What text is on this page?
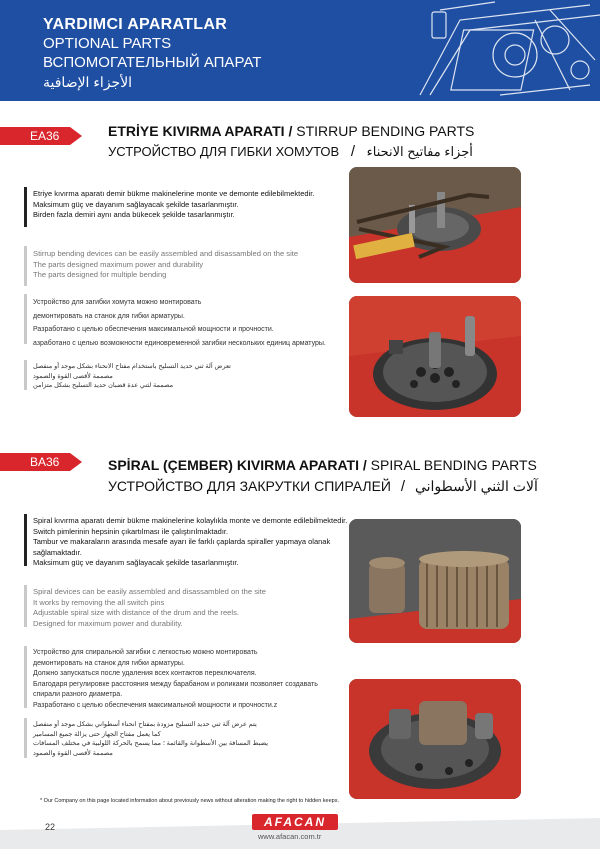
YARDIMCI APARATLAR
OPTIONAL PARTS
ВСПОМОГАТЕЛЬНЫЙ АПАРАТ
الأجزاء الإضافية
EA36	ETRİYE KIVIRMA APARATI / STIRRUP BENDING PARTS
УСТРОЙСТВО ДЛЯ ГИБКИ ХОМУТОВ / أجزاء مفاتيح الانحناء
Etriye kıvırma aparatı demir bükme makinelerine monte ve demonte edilebilmektedir.
Maksimum güç ve dayanım sağlayacak şekilde tasarlanmıştır.
Birden fazla demiri aynı anda bükecek şekilde tasarlanmıştır.
Stirrup bending devices can be easily assembled and disassambled on the site
The parts designed maximum power and durability
The parts designed for multiple bending
Устройство для загибки хомута можно монтировать
демонтировать на станок для гибки арматуры.
Разработано с целью обеспечения максимальной мощности и прочности.
азработано с целью возможности единовременной загибки нескольких единиц арматуры.
تعرض آلة ثني حديد التسليح باستخدام مفتاح الانحناء بشكل موجد أو منفصل
مصممة لأقصى القوة والصمود
مصممة لثني عدة قضبان حديد التسليح بشكل متزامن
BA36	SPİRAL (ÇEMBER) KIVIRMA APARATI / SPIRAL BENDING PARTS
УСТРОЙСТВО ДЛЯ ЗАКРУТКИ СПИРАЛЕЙ / آلات الثني الأسطواني
Spiral kıvırma aparatı demir bükme makinelerine kolaylıkla monte ve demonte edilebilmektedir.
Switch pimlerinin hepsinin çıkartılması ile çalıştırılmaktadır.
Tambur ve makaraların arasında mesafe ayarı ile farklı çaplarda spiraller yapmaya olanak
sağlamaktadır.
Maksimum güç ve dayanım sağlayacak şekilde tasarlanmıştır.
Spiral devices can be easily assembled and disassambled on the site
It works by removing the all switch pins
Adjustable spiral size with distance of the drum and the reels.
Designed for maximum power and durability.
Устройство для спиральной загибки с легкостью можно монтировать
демонтировать на станок для гибки арматуры.
Должно запускаться после удаления всех контактов переключателя.
Благодаря регулировке расстояния между барабаном и роликами позволяет создавать
спирали разного диаметра.
Разработано с целью обеспечения максимальной мощности и прочности.z
يتم عرض آلة ثني حديد التسليح مزودة بمفتاح انحناء أسطواني بشكل موجد أو منفصل
كما يعمل مفتاح الجهاز حتى يزالة جميع المسامير
يضبط المسافة بين الأسطوانة والقائمة ؛ مما يسمح بالحركة اللولبية في مختلف المسافات
مصممة لأقصى القوة والصمود
* Our Company on this page located information about previously news without alteration making the right to hidden keeps.
22	AFACAN
www.afacan.com.tr
